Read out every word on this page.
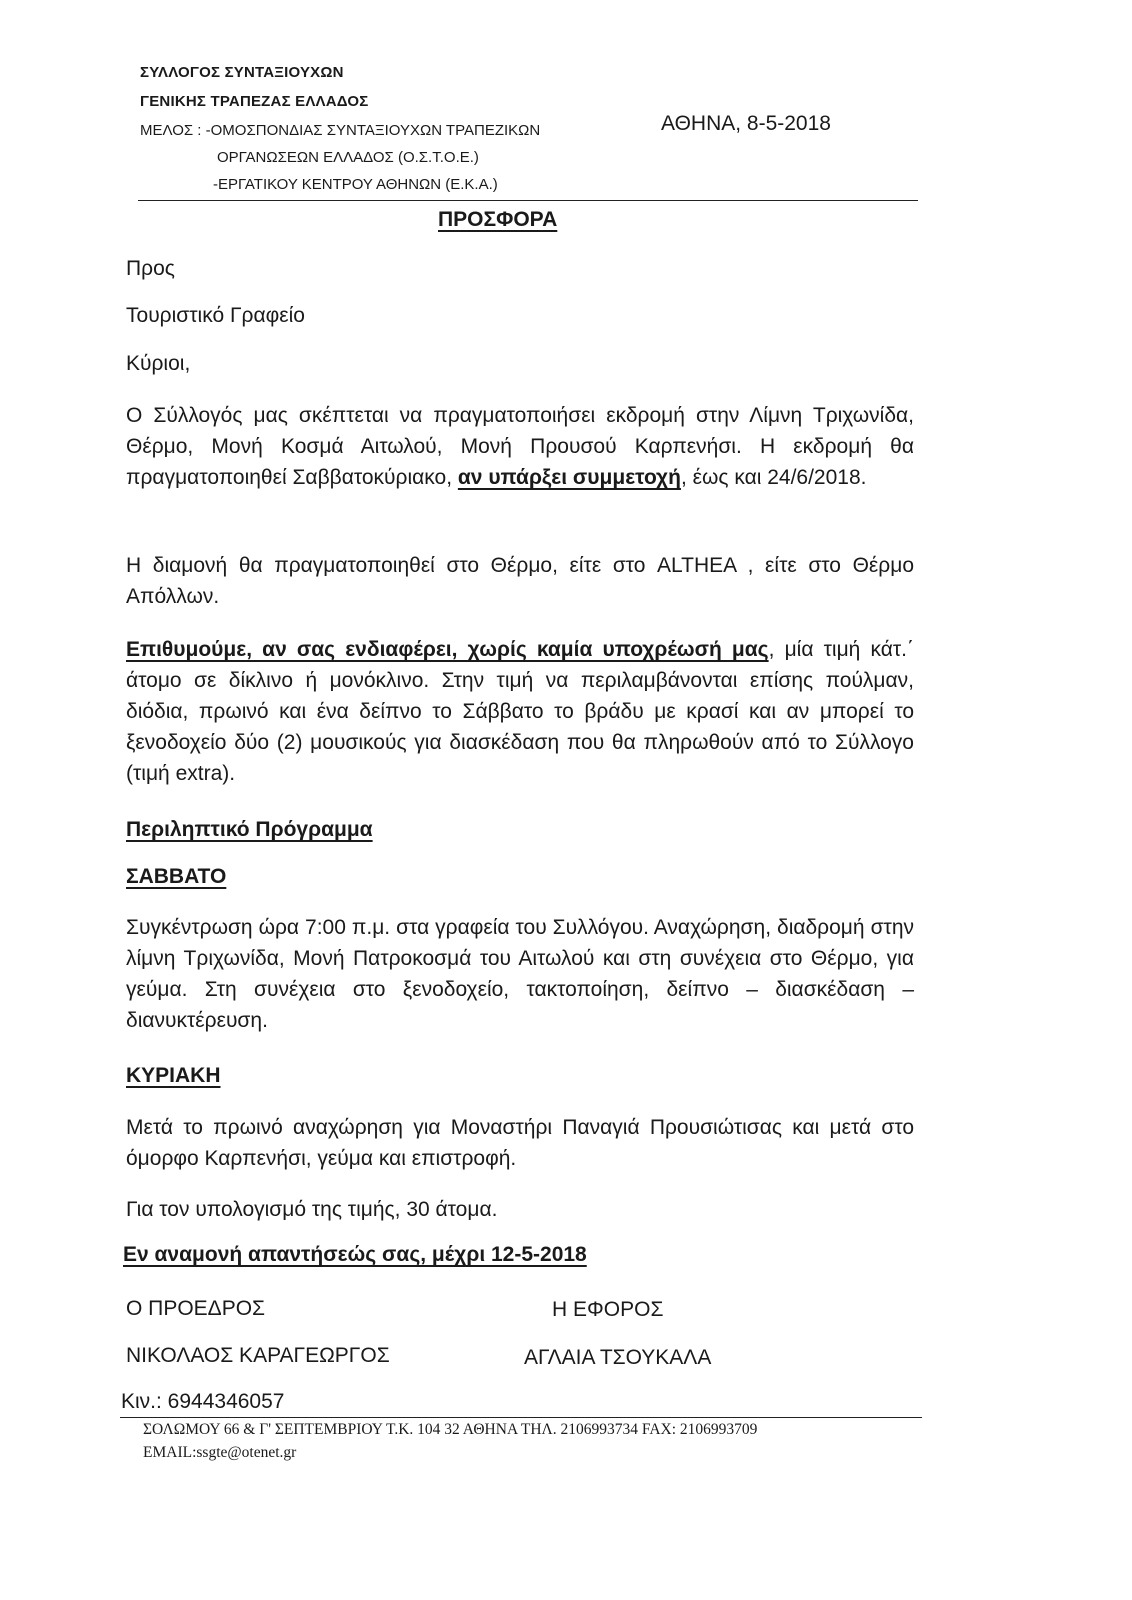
ΣΥΛΛΟΓΟΣ ΣΥΝΤΑΞΙΟΥΧΩΝ

ΓΕΝΙΚΗΣ ΤΡΑΠΕΖΑΣ ΕΛΛΑΔΟΣ

ΜΕΛΟΣ : -ΟΜΟΣΠΟΝΔΙΑΣ ΣΥΝΤΑΞΙΟΥΧΩΝ ΤΡΑΠΕΖΙΚΩΝ

ΟΡΓΑΝΩΣΕΩΝ ΕΛΛΑΔΟΣ (Ο.Σ.Τ.Ο.Ε.)

-ΕΡΓΑΤΙΚΟΥ ΚΕΝΤΡΟΥ ΑΘΗΝΩΝ (Ε.Κ.Α.)

ΑΘΗΝΑ, 8-5-2018

ΠΡΟΣΦΟΡΑ

Προς

Τουριστικό Γραφείο

Κύριοι,

Ο Σύλλογός μας σκέπτεται να πραγματοποιήσει εκδρομή στην Λίμνη Τριχωνίδα, Θέρμο, Μονή Κοσμά Αιτωλού, Μονή Προυσού Καρπενήσι. Η εκδρομή θα πραγματοποιηθεί Σαββατοκύριακο, αν υπάρξει συμμετοχή, έως και 24/6/2018.

Η διαμονή θα πραγματοποιηθεί στο Θέρμο, είτε στο ALTHEA , είτε στο Θέρμο Απόλλων.

Επιθυμούμε, αν σας ενδιαφέρει, χωρίς καμία υποχρέωσή μας, μία τιμή κάτ.΄ άτομο σε δίκλινο ή μονόκλινο. Στην τιμή να περιλαμβάνονται επίσης πούλμαν, διόδια, πρωινό και ένα δείπνο το Σάββατο το βράδυ με κρασί και αν μπορεί το ξενοδοχείο δύο (2) μουσικούς για διασκέδαση που θα πληρωθούν από το Σύλλογο (τιμή extra).

Περιληπτικό Πρόγραμμα

ΣΑΒΒΑΤΟ

Συγκέντρωση ώρα 7:00 π.μ. στα γραφεία του Συλλόγου. Αναχώρηση, διαδρομή στην λίμνη Τριχωνίδα, Μονή Πατροκοσμά του Αιτωλού και στη συνέχεια στο Θέρμο, για γεύμα. Στη συνέχεια στο ξενοδοχείο, τακτοποίηση, δείπνο – διασκέδαση – διανυκτέρευση.

ΚΥΡΙΑΚΗ

Μετά το πρωινό αναχώρηση για Μοναστήρι Παναγιά Προυσιώτισας και μετά στο όμορφο Καρπενήσι, γεύμα και επιστροφή.

Για τον υπολογισμό της τιμής, 30 άτομα.

Εν αναμονή απαντήσεώς σας, μέχρι 12-5-2018

Ο ΠΡΟΕΔΡΟΣ	Η ΕΦΟΡΟΣ

ΝΙΚΟΛΑΟΣ ΚΑΡΑΓΕΩΡΓΟΣ	ΑΓΛΑΙΑ ΤΣΟΥΚΑΛΑ

Κιν.: 6944346057

ΣΟΛΩΜΟΥ 66 & Γ' ΣΕΠΤΕΜΒΡΙΟΥ Τ.Κ. 104 32 ΑΘΗΝΑ ΤΗΛ. 2106993734 FAX: 2106993709

EMAIL:ssgte@otenet.gr
